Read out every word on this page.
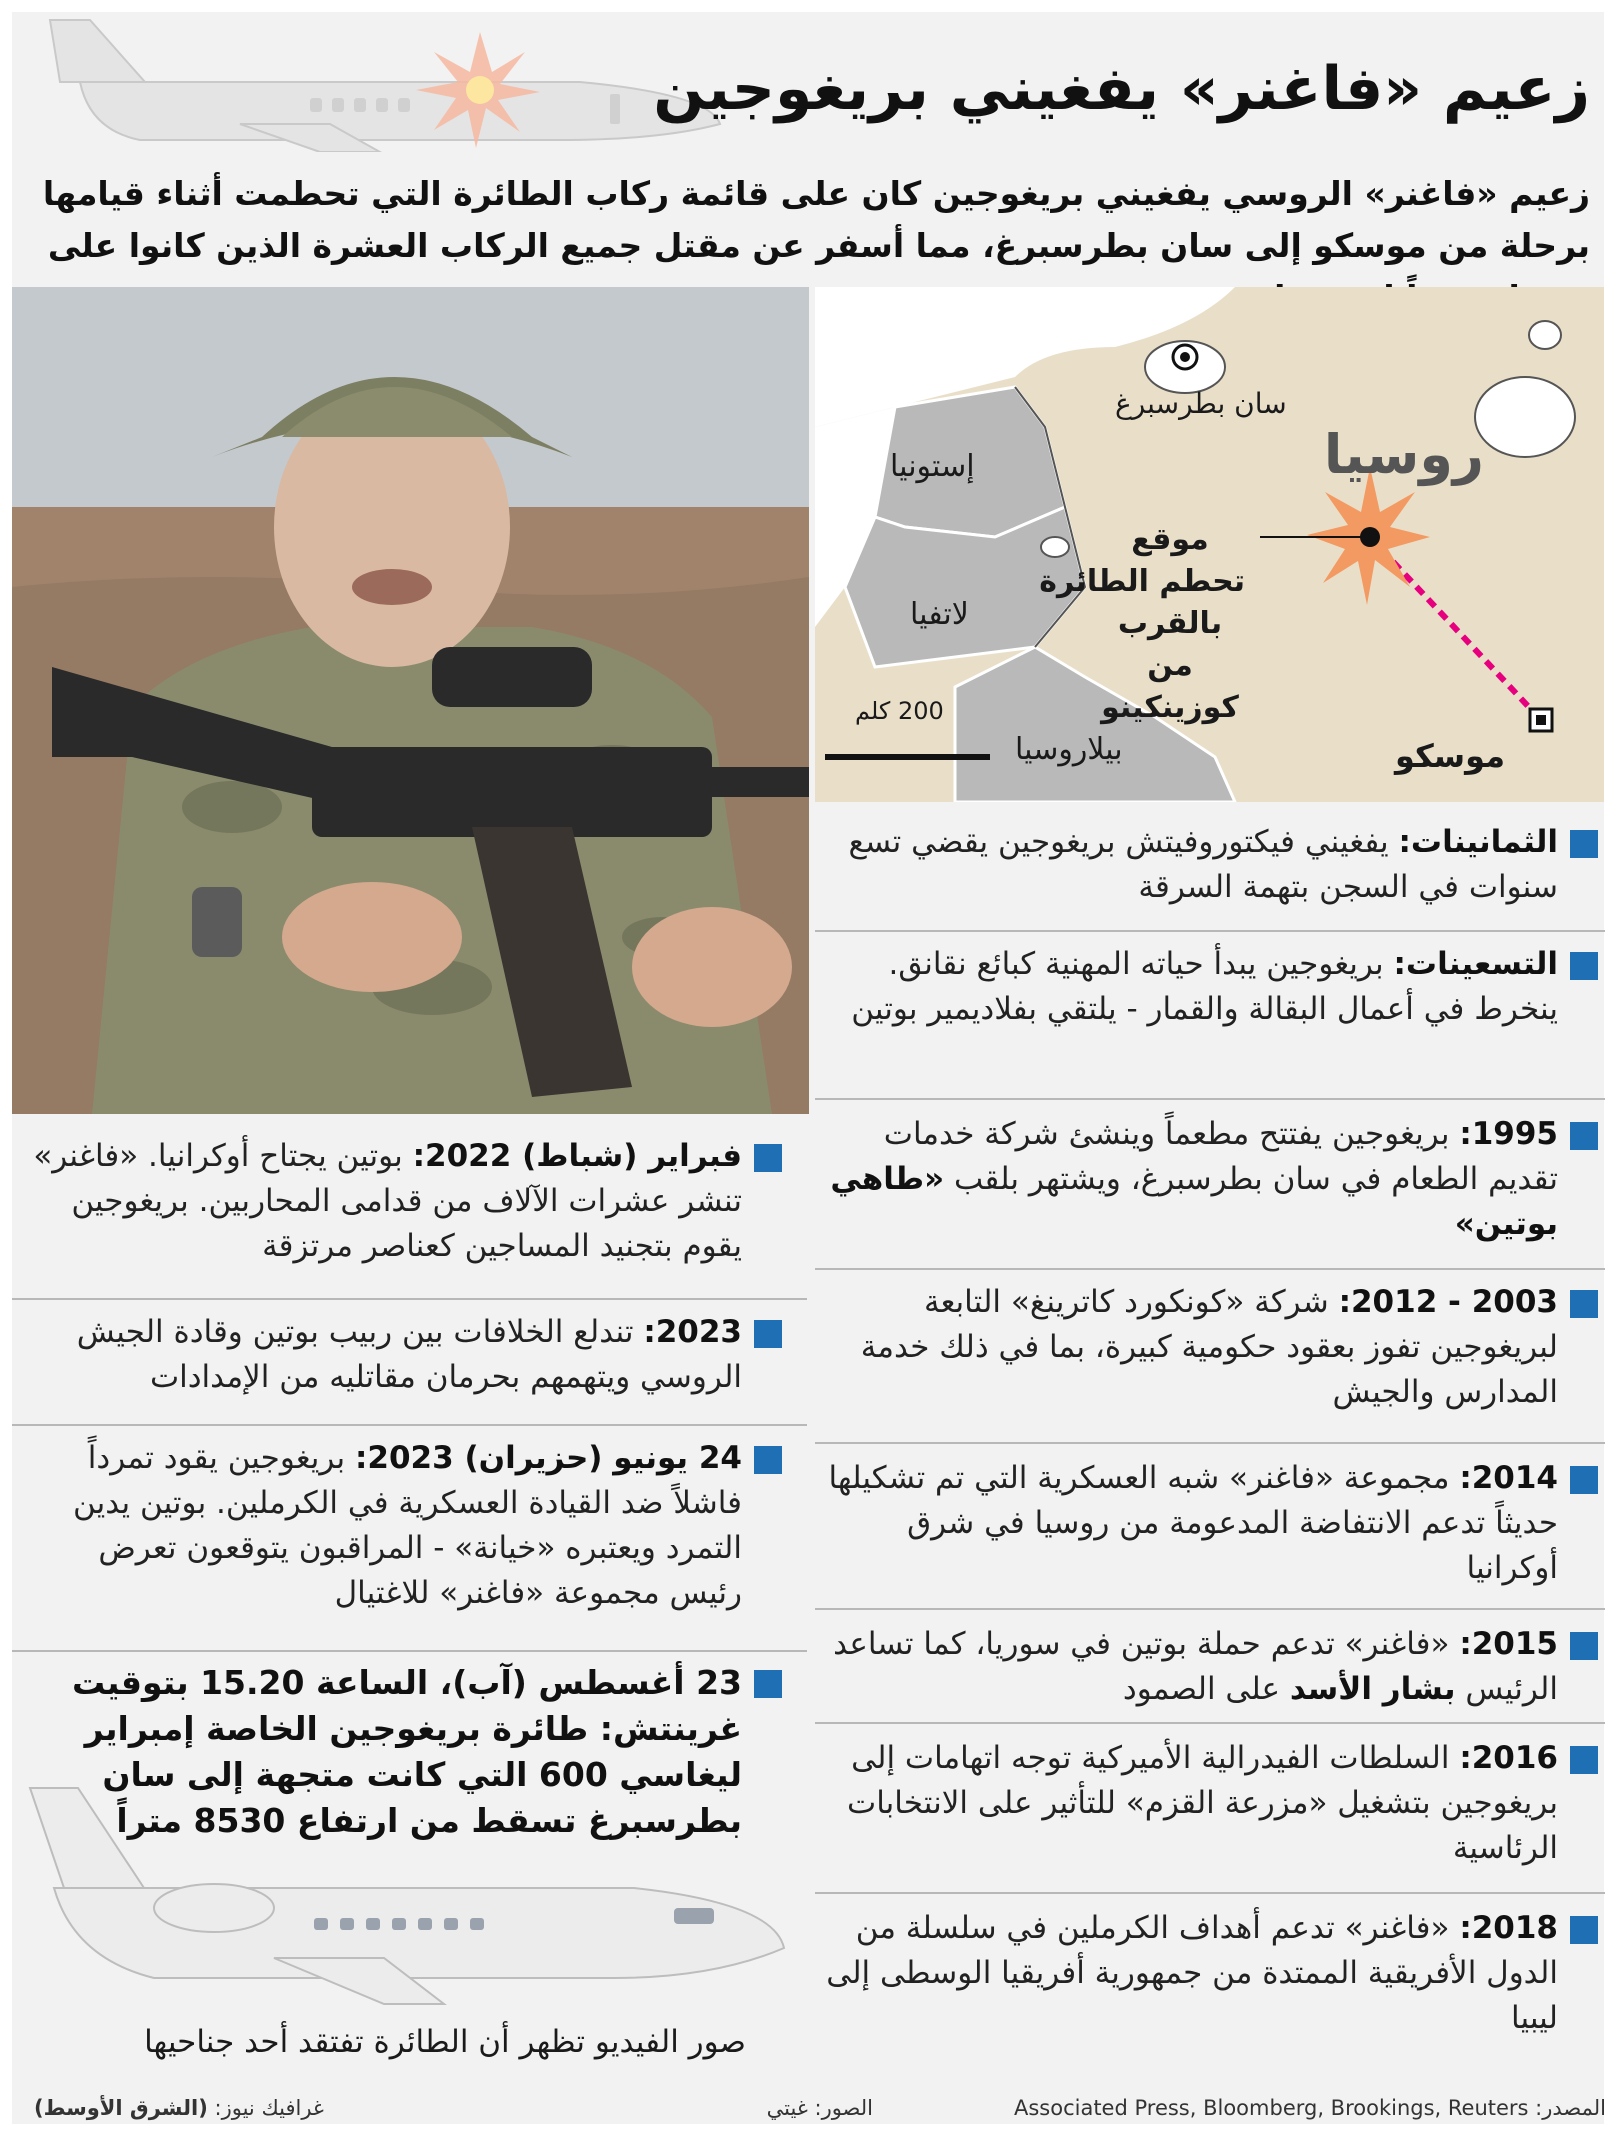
زعيم «فاغنر» يفغيني بريغوجين
زعيم «فاغنر» الروسي يفغيني بريغوجين كان على قائمة ركاب الطائرة التي تحطمت أثناء قيامها برحلة من موسكو إلى سان بطرسبرغ، مما أسفر عن مقتل جميع الركاب العشرة الذين كانوا على
سان بطرسبرغ
روسيا
إستونيا
لاتفيا
بيلاروسيا	موسكو
200 كلم
موقع
تحطم الطائرة
بالقرب من
كوزينكينو
الثمانينات: يفغيني فيكتوروفيتش بريغوجين يقضي تسع سنوات في السجن بتهمة السرقة
التسعينات: بريغوجين يبدأ حياته المهنية كبائع نقانق. ينخرط في أعمال البقالة والقمار - يلتقي بفلاديمير بوتين
1995: بريغوجين يفتتح مطعماً وينشئ شركة خدمات تقديم الطعام في سان بطرسبرغ، ويشتهر بلقب «طاهي بوتين»
2003 - 2012: شركة «كونكورد كاترينغ» التابعة لبريغوجين تفوز بعقود حكومية كبيرة، بما في ذلك خدمة المدارس والجيش
2014: مجموعة «فاغنر» شبه العسكرية التي تم تشكيلها حديثاً تدعم الانتفاضة المدعومة من روسيا في شرق أوكرانيا
2015: «فاغنر» تدعم حملة بوتين في سوريا، كما تساعد الرئيس بشار الأسد على الصمود
2016: السلطات الفيدرالية الأميركية توجه اتهامات إلى بريغوجين بتشغيل «مزرعة القزم» للتأثير على الانتخابات الرئاسية
2018: «فاغنر» تدعم أهداف الكرملين في سلسلة من الدول الأفريقية الممتدة من جمهورية أفريقيا الوسطى إلى ليبيا
فبراير (شباط) 2022: بوتين يجتاح أوكرانيا. «فاغنر» تنشر عشرات الآلاف من قدامى المحاربين. بريغوجين يقوم بتجنيد المساجين كعناصر مرتزقة
2023: تندلع الخلافات بين ربيب بوتين وقادة الجيش الروسي ويتهمهم بحرمان مقاتليه من الإمدادات
24 يونيو (حزيران) 2023: بريغوجين يقود تمرداً فاشلاً ضد القيادة العسكرية في الكرملين. بوتين يدين التمرد ويعتبره «خيانة» - المراقبون يتوقعون تعرض رئيس مجموعة «فاغنر» للاغتيال
23 أغسطس (آب)، الساعة 15.20 بتوقيت غرينتش: طائرة بريغوجين الخاصة إمبراير ليغاسي 600 التي كانت متجهة إلى سان بطرسبرغ تسقط من ارتفاع 8530 متراً
صور الفيديو تظهر أن الطائرة تفتقد أحد جناحيها
المصدر: Associated Press, Bloomberg, Brookings, Reuters
الصور: غيتي
غرافيك نيوز: (الشرق الأوسط)
